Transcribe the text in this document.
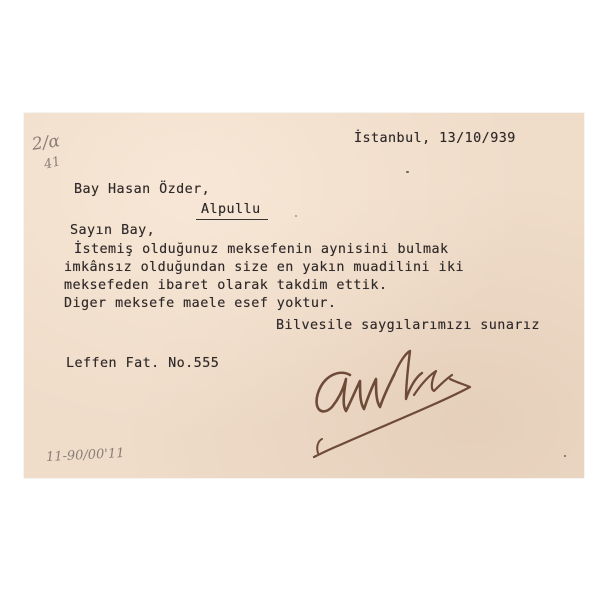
2/α
41
İstanbul, 13/10/939
Bay Hasan Özder,
Alpullu
Sayın Bay,
İstemiş olduğunuz meksefenin aynisini bulmak
imkânsız olduğundan size en yakın muadilini iki
meksefeden ibaret olarak takdim ettik.
Diger meksefe maele esef yoktur.
Bilvesile saygılarımızı sunarız
Leffen Fat. No.555
11-90/00'11
